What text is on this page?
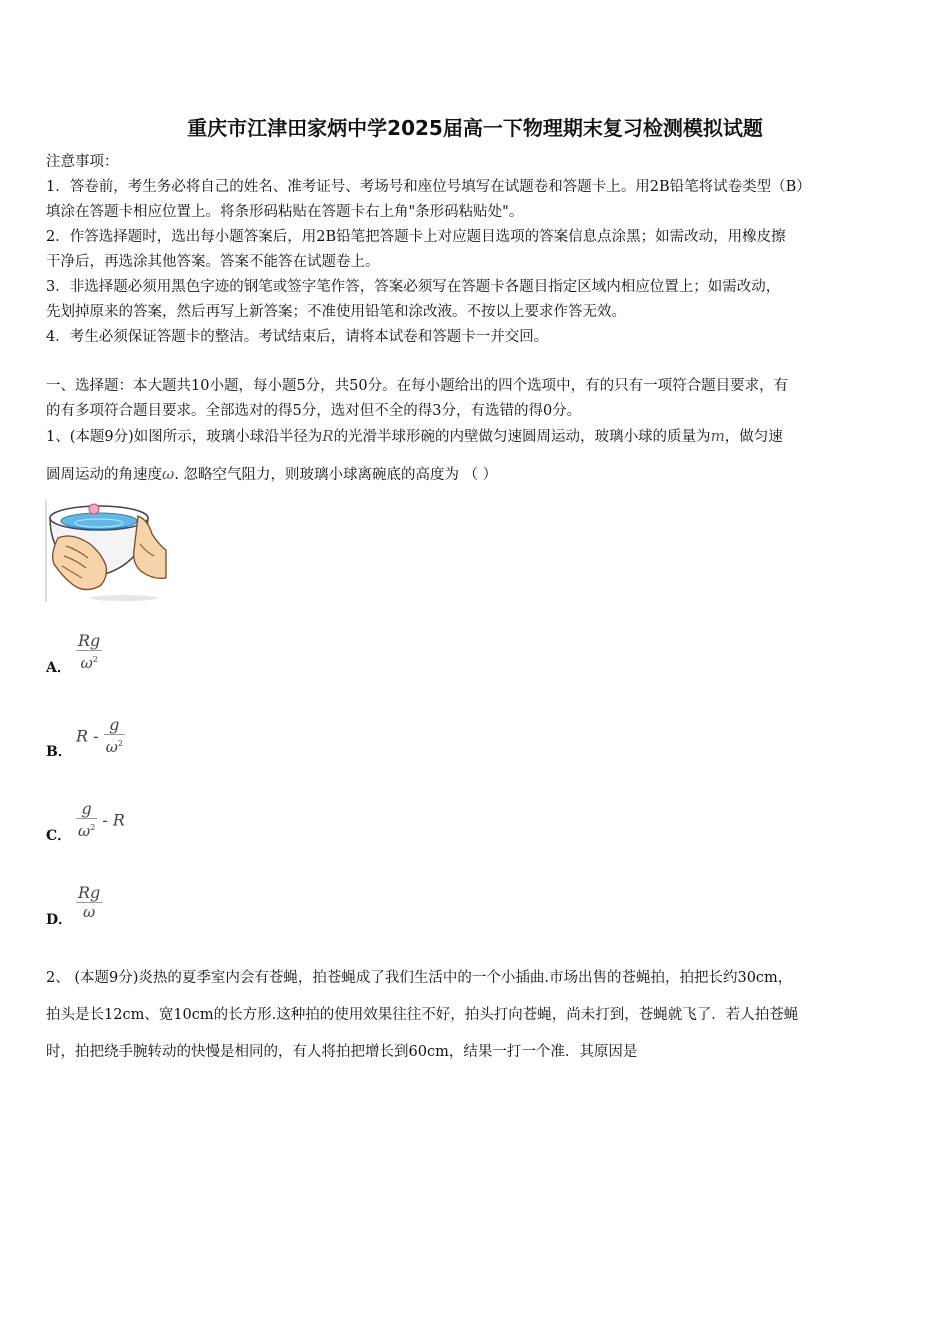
重庆市江津田家炳中学2025届高一下物理期末复习检测模拟试题
注意事项：
1．答卷前，考生务必将自己的姓名、准考证号、考场号和座位号填写在试题卷和答题卡上。用2B铅笔将试卷类型（B）
填涂在答题卡相应位置上。将条形码粘贴在答题卡右上角"条形码粘贴处"。
2．作答选择题时，选出每小题答案后，用2B铅笔把答题卡上对应题目选项的答案信息点涂黑；如需改动，用橡皮擦
干净后，再选涂其他答案。答案不能答在试题卷上。
3．非选择题必须用黑色字迹的钢笔或签字笔作答，答案必须写在答题卡各题目指定区域内相应位置上；如需改动，
先划掉原来的答案，然后再写上新答案；不准使用铅笔和涂改液。不按以上要求作答无效。
4．考生必须保证答题卡的整洁。考试结束后，请将本试卷和答题卡一并交回。
一、选择题：本大题共10小题，每小题5分，共50分。在每小题给出的四个选项中，有的只有一项符合题目要求，有
的有多项符合题目要求。全部选对的得5分，选对但不全的得3分，有选错的得0分。
1、(本题9分)如图所示，玻璃小球沿半径为R的光滑半球形碗的内壁做匀速圆周运动，玻璃小球的质量为m，做匀速
圆周运动的角速度ω. 忽略空气阻力，则玻璃小球离碗底的高度为 （ ）
A． $\frac{Rg}{\omega^2}$
B．
R - $\frac{g}{\omega^2}$
C． $\frac{g}{\omega^2}$ - R
D． $\frac{Rg}{\omega}$
2、 (本题9分)炎热的夏季室内会有苍蝇，拍苍蝇成了我们生活中的一个小插曲.市场出售的苍蝇拍，拍把长约30cm，
拍头是长12cm、宽10cm的长方形.这种拍的使用效果往往不好，拍头打向苍蝇，尚未打到，苍蝇就飞了．若人拍苍蝇
时，拍把绕手腕转动的快慢是相同的，有人将拍把增长到60cm，结果一打一个准．其原因是
